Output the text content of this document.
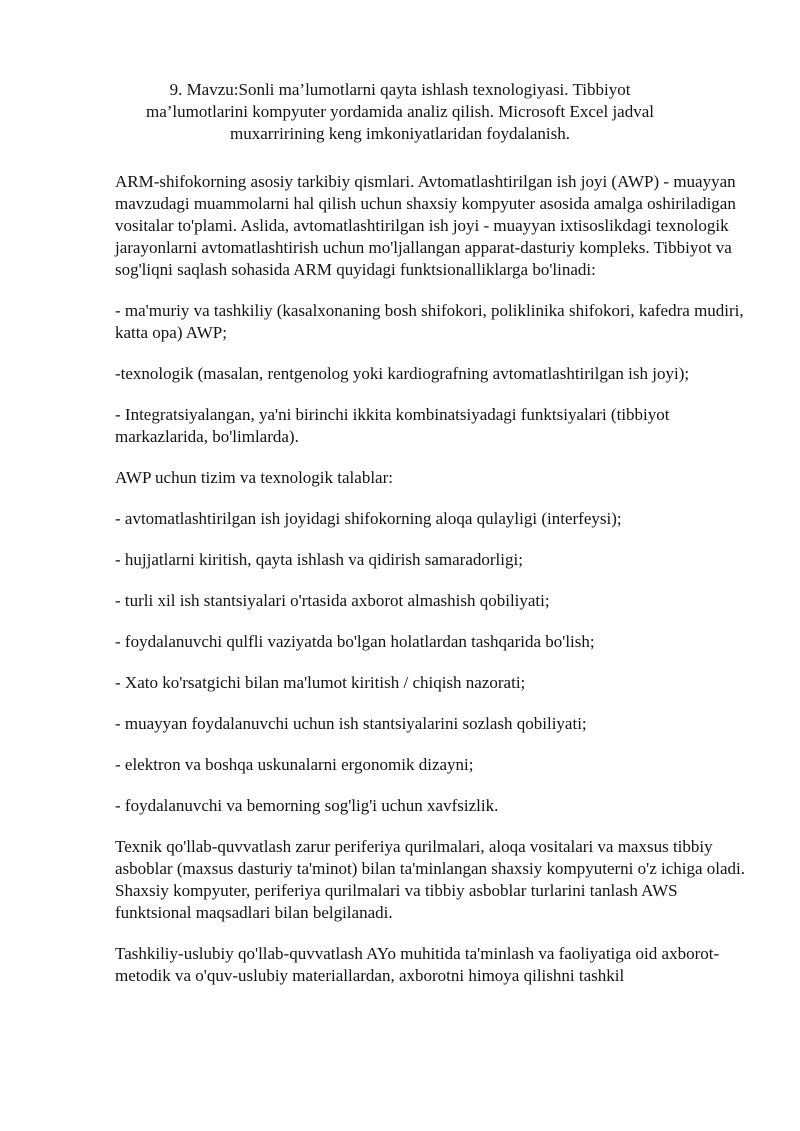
9. Mavzu:Sonli ma’lumotlarni qayta ishlash texnologiyasi. Tibbiyot ma’lumotlarini kompyuter yordamida analiz qilish. Microsoft Excel jadval muxarririning keng imkoniyatlaridan foydalanish.

ARM-shifokorning asosiy tarkibiy qismlari. Avtomatlashtirilgan ish joyi (AWP) - muayyan mavzudagi muammolarni hal qilish uchun shaxsiy kompyuter asosida amalga oshiriladigan vositalar to'plami. Aslida, avtomatlashtirilgan ish joyi - muayyan ixtisoslikdagi texnologik jarayonlarni avtomatlashtirish uchun mo'ljallangan apparat-dasturiy kompleks. Tibbiyot va sog'liqni saqlash sohasida ARM quyidagi funktsionalliklarga bo'linadi:

- ma'muriy va tashkiliy (kasalxonaning bosh shifokori, poliklinika shifokori, kafedra mudiri, katta opa) AWP;

-texnologik (masalan, rentgenolog yoki kardiografning avtomatlashtirilgan ish joyi);

- Integratsiyalangan, ya'ni birinchi ikkita kombinatsiyadagi funktsiyalari (tibbiyot markazlarida, bo'limlarda).

AWP uchun tizim va texnologik talablar:

- avtomatlashtirilgan ish joyidagi shifokorning aloqa qulayligi (interfeysi);

- hujjatlarni kiritish, qayta ishlash va qidirish samaradorligi;

- turli xil ish stantsiyalari o'rtasida axborot almashish qobiliyati;

- foydalanuvchi qulfli vaziyatda bo'lgan holatlardan tashqarida bo'lish;

- Xato ko'rsatgichi bilan ma'lumot kiritish / chiqish nazorati;

- muayyan foydalanuvchi uchun ish stantsiyalarini sozlash qobiliyati;

- elektron va boshqa uskunalarni ergonomik dizayni;

- foydalanuvchi va bemorning sog'lig'i uchun xavfsizlik.

Texnik qo'llab-quvvatlash zarur periferiya qurilmalari, aloqa vositalari va maxsus tibbiy asboblar (maxsus dasturiy ta'minot) bilan ta'minlangan shaxsiy kompyuterni o'z ichiga oladi. Shaxsiy kompyuter, periferiya qurilmalari va tibbiy asboblar turlarini tanlash AWS funktsional maqsadlari bilan belgilanadi.

Tashkiliy-uslubiy qo'llab-quvvatlash AYo muhitida ta'minlash va faoliyatiga oid axborot-metodik va o'quv-uslubiy materiallardan, axborotni himoya qilishni tashkil
